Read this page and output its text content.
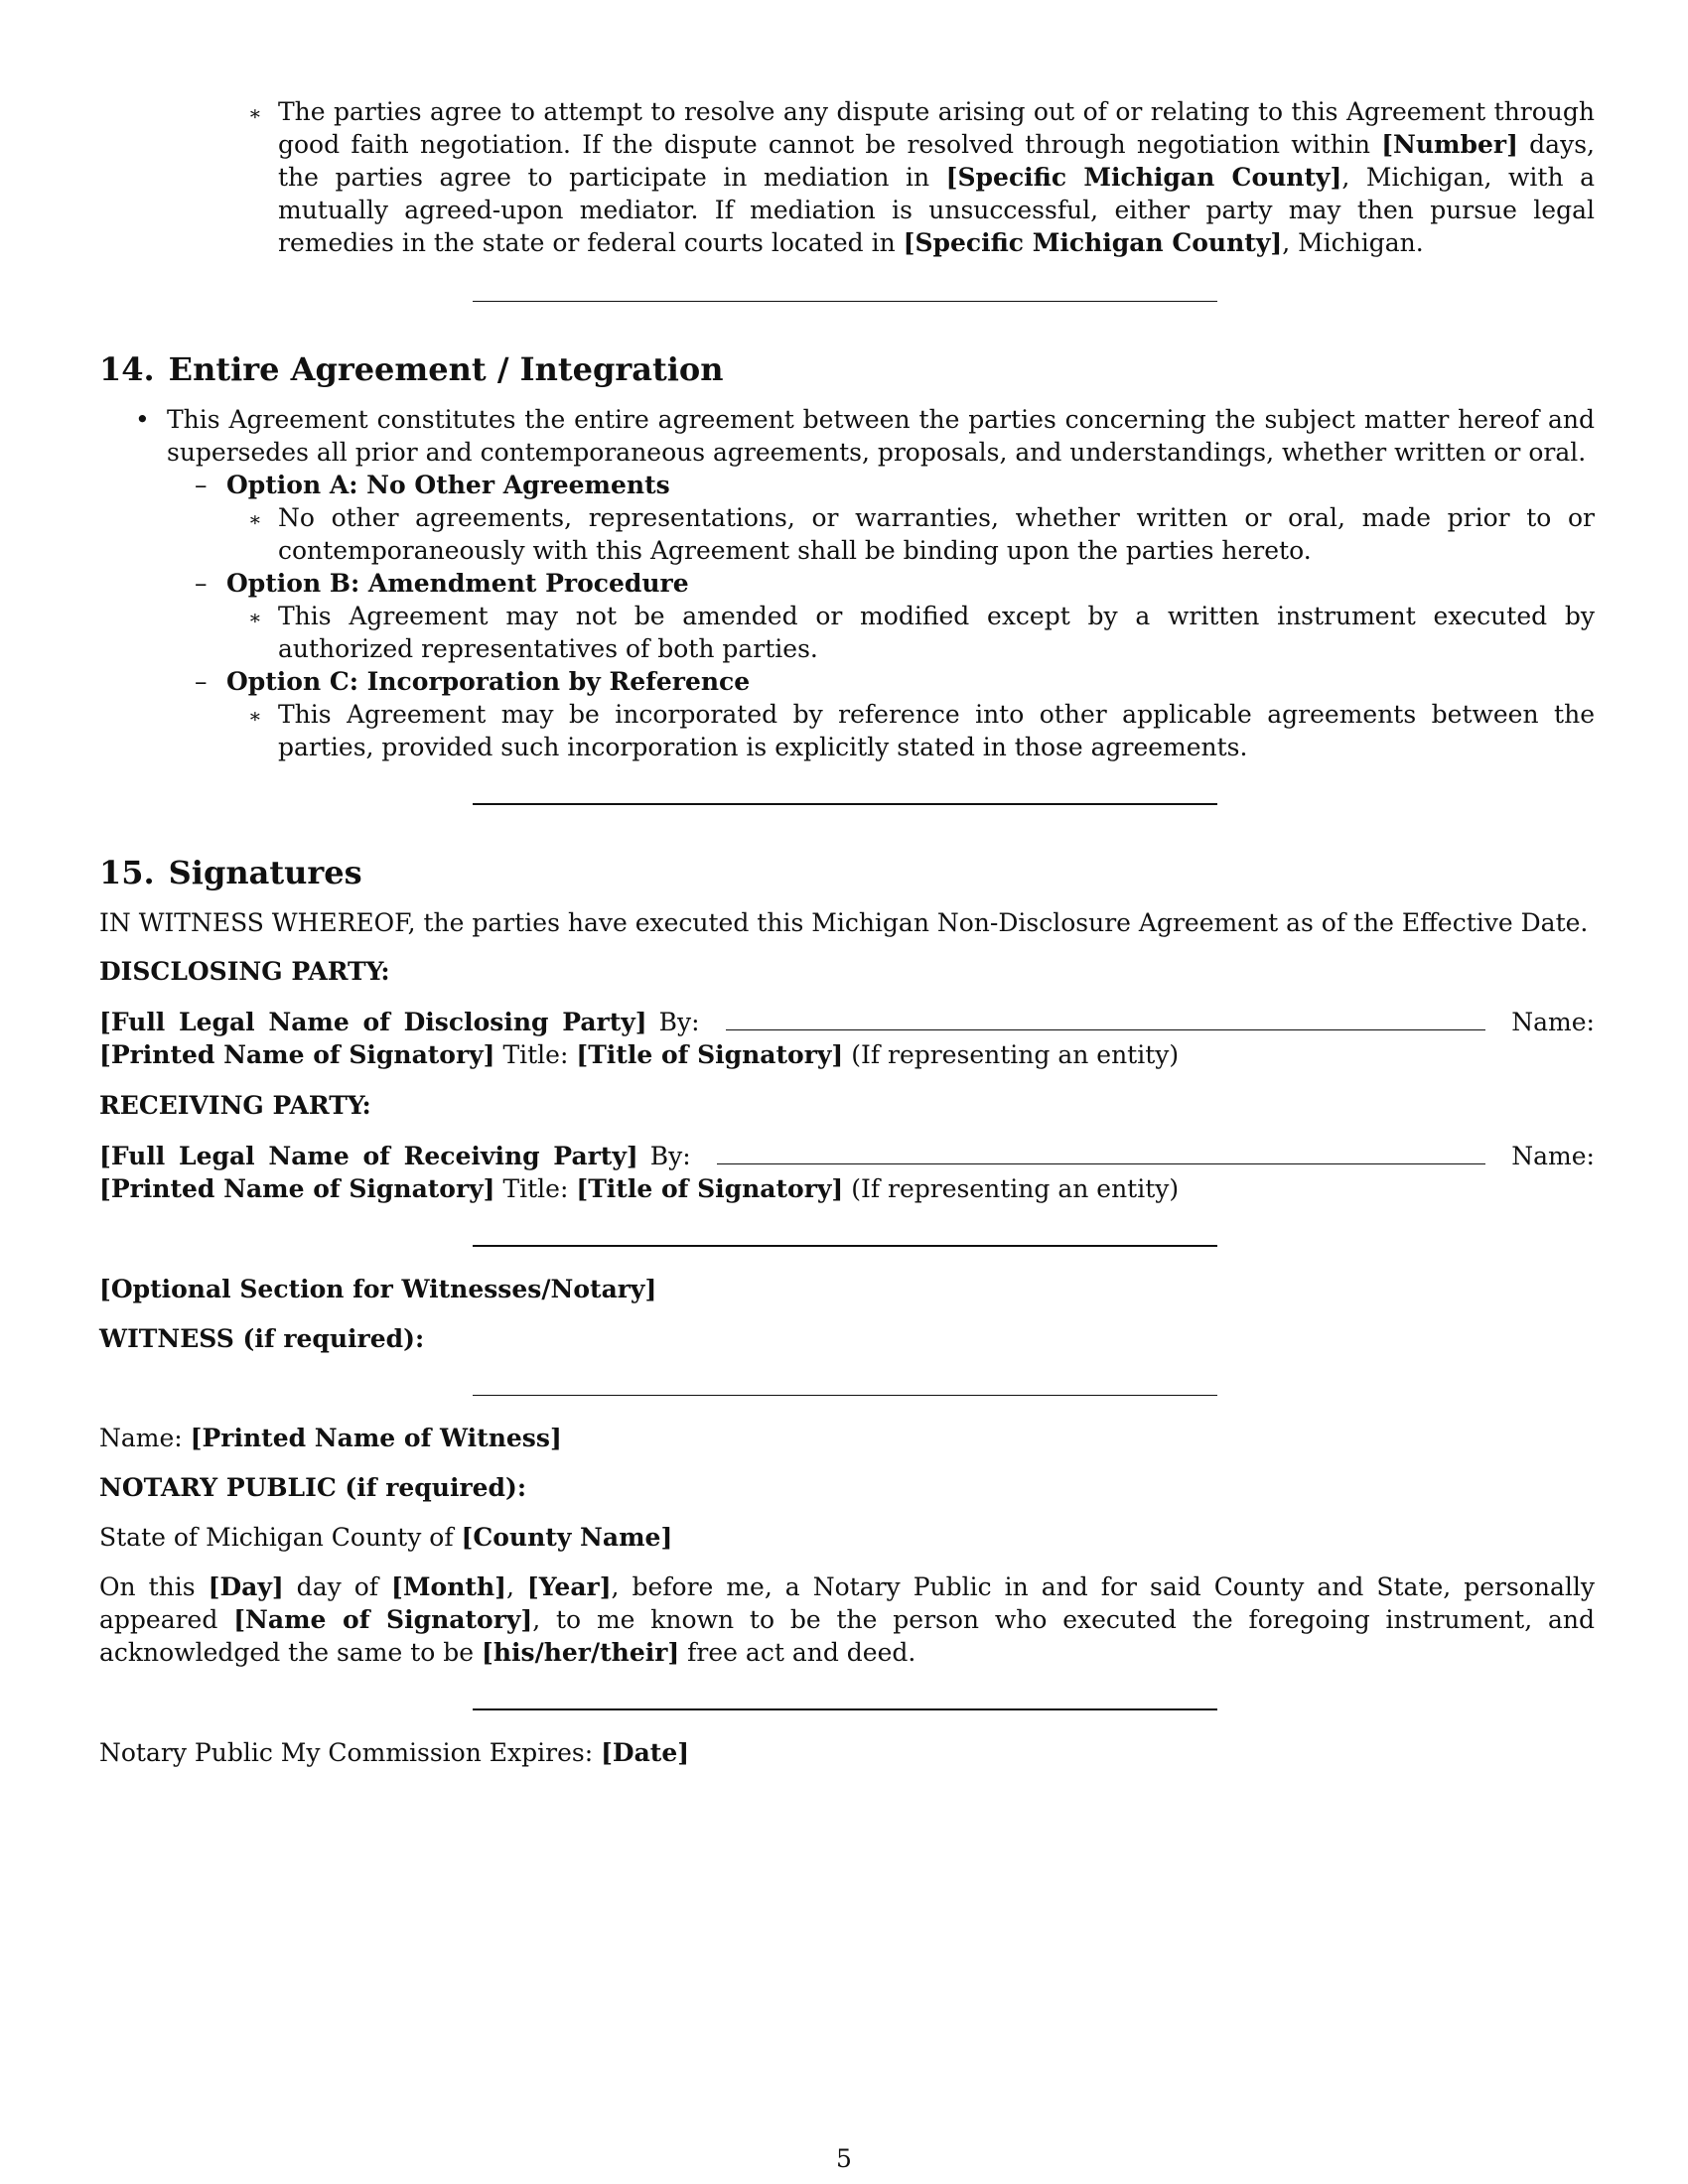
∗ The parties agree to attempt to resolve any dispute arising out of or relating to this Agreement through good faith negotiation. If the dispute cannot be resolved through negotiation within [Number] days, the parties agree to participate in mediation in [Specific Michigan County], Michigan, with a mutually agreed-upon mediator. If mediation is unsuccessful, either party may then pursue legal remedies in the state or federal courts located in [Specific Michigan County], Michigan.
14. Entire Agreement / Integration
• This Agreement constitutes the entire agreement between the parties concerning the subject matter hereof and supersedes all prior and contemporaneous agreements, proposals, and understandings, whether written or oral.
– Option A: No Other Agreements
∗ No other agreements, representations, or warranties, whether written or oral, made prior to or contemporaneously with this Agreement shall be binding upon the parties hereto.
– Option B: Amendment Procedure
∗ This Agreement may not be amended or modified except by a written instrument executed by authorized representatives of both parties.
– Option C: Incorporation by Reference
∗ This Agreement may be incorporated by reference into other applicable agreements between the parties, provided such incorporation is explicitly stated in those agreements.
15. Signatures

IN WITNESS WHEREOF, the parties have executed this Michigan Non-Disclosure Agreement as of the Effective Date.

DISCLOSING PARTY:

[Full Legal Name of Disclosing Party] By:	Name:

[Printed Name of Signatory] Title: [Title of Signatory] (If representing an entity)

RECEIVING PARTY:

[Full Legal Name of Receiving Party] By:	Name:

[Printed Name of Signatory] Title: [Title of Signatory] (If representing an entity)

[Optional Section for Witnesses/Notary]

WITNESS (if required):

Name: [Printed Name of Witness]

NOTARY PUBLIC (if required):

State of Michigan County of [County Name]

On this [Day] day of [Month], [Year], before me, a Notary Public in and for said County and State, personally appeared [Name of Signatory], to me known to be the person who executed the foregoing instrument, and acknowledged the same to be [his/her/their] free act and deed.

Notary Public My Commission Expires: [Date]

5
